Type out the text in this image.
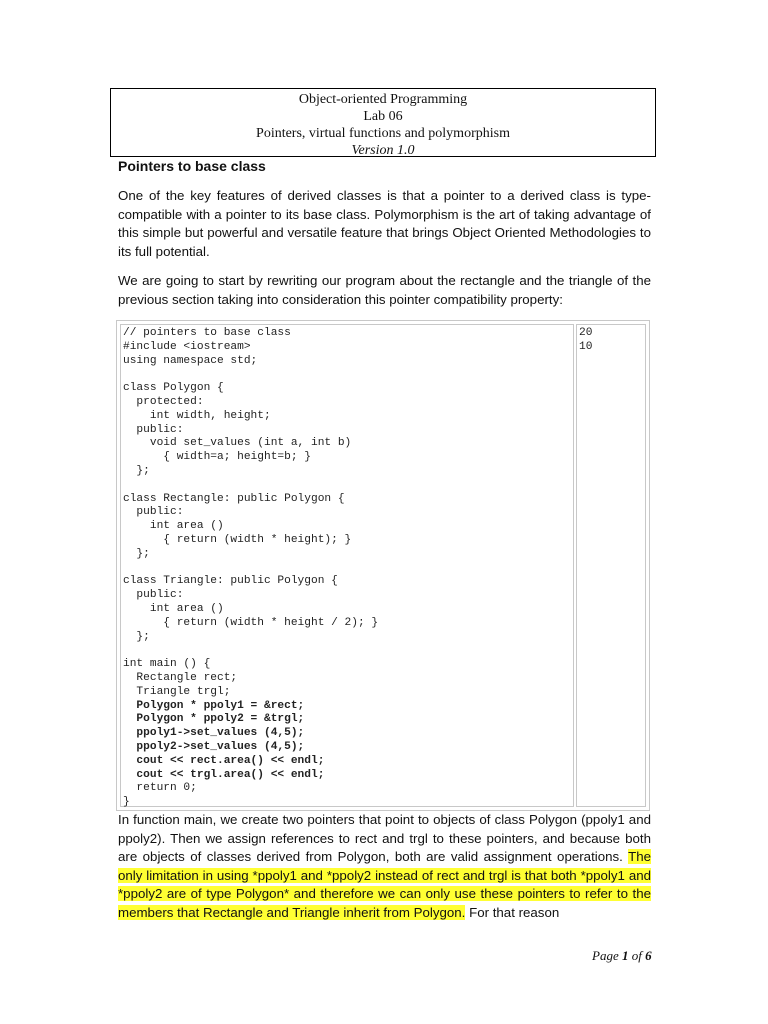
Object-oriented Programming
Lab 06
Pointers, virtual functions and polymorphism
Version 1.0
Pointers to base class

One of the key features of derived classes is that a pointer to a derived class is type-compatible with a pointer to its base class. Polymorphism is the art of taking advantage of this simple but powerful and versatile feature that brings Object Oriented Methodologies to its full potential.

We are going to start by rewriting our program about the rectangle and the triangle of the previous section taking into consideration this pointer compatibility property:

// pointers to base class
#include <iostream>
using namespace std;
class Polygon {
protected:
int width, height;
public:
void set_values (int a, int b)
{ width=a; height=b; }
};
class Rectangle: public Polygon {
public:
int area ()
{ return (width * height); }
};
class Triangle: public Polygon {
public:
int area ()
{ return (width * height / 2); }
};
int main () {
Rectangle rect;
Triangle trgl;
Polygon * ppoly1 = &rect;
Polygon * ppoly2 = &trgl;
ppoly1->set_values (4,5);
ppoly2->set_values (4,5);
cout << rect.area() << endl;
cout << trgl.area() << endl;
return 0;
}
20
10

In function main, we create two pointers that point to objects of class Polygon (ppoly1 and ppoly2). Then we assign references to rect and trgl to these pointers, and because both are objects of classes derived from Polygon, both are valid assignment operations. The only limitation in using *ppoly1 and *ppoly2 instead of rect and trgl is that both *ppoly1 and *ppoly2 are of type Polygon* and therefore we can only use these pointers to refer to the members that Rectangle and Triangle inherit from Polygon. For that reason

Page 1 of 6
